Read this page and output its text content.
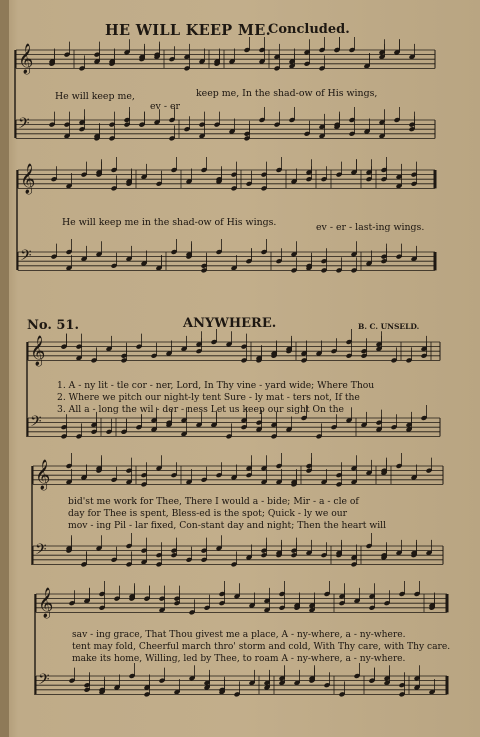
𝄞
𝄢
𝄞
𝄢
𝄞
𝄢
𝄞
𝄢
𝄞
𝄢
HE WILL KEEP ME.
Concluded.
He will keep me,	keep me, In the shad-ow of His wings,
ev - er
He will keep me in the shad-ow of His wings.	ev - er - last-ing wings.
No. 51.	ANYWHERE.	B. C. UNSELD.
1. A - ny lit - tle cor - ner, Lord, In Thy vine - yard wide; Where Thou
2. Where we pitch our night-ly tent Sure - ly mat - ters not, If the
3. All a - long the wil - der - ness Let us keep our sight On the
bid'st me work for Thee, There I would a - bide; Mir - a - cle of
day for Thee is spent, Bless-ed is the spot; Quick - ly we our
mov - ing Pil - lar fixed, Con-stant day and night; Then the heart will
sav - ing grace, That Thou givest me a place, A - ny-where, a - ny-where.
tent may fold, Cheerful march thro' storm and cold, With Thy care, with Thy care.
make its home, Willing, led by Thee, to roam A - ny-where, a - ny-where.
